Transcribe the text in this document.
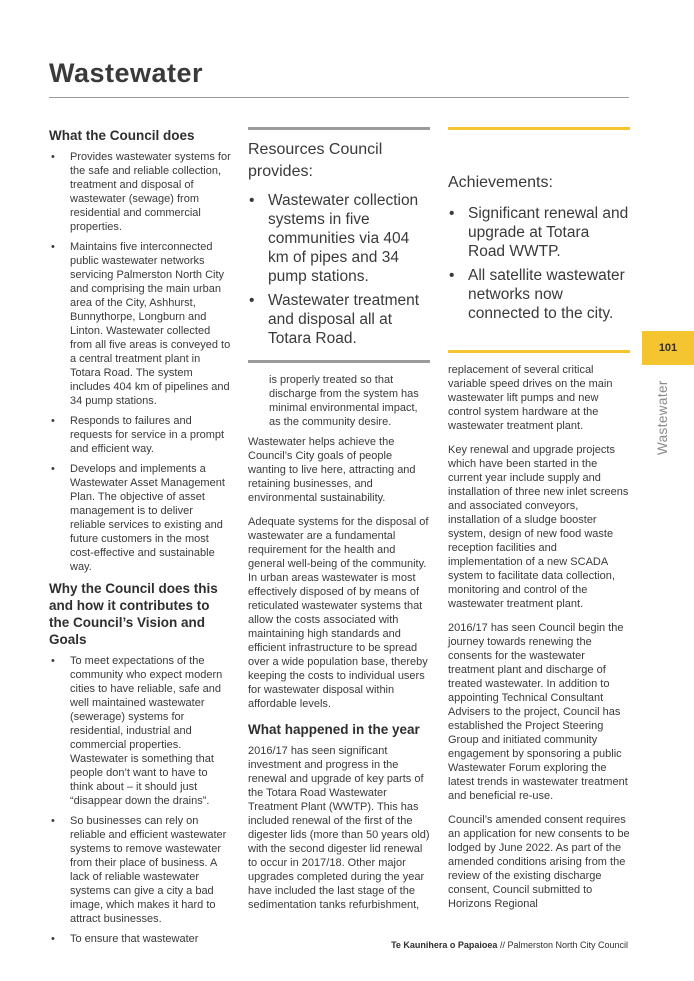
Wastewater
What the Council does
• Provides wastewater systems for the safe and reliable collection, treatment and disposal of wastewater (sewage) from residential and commercial properties.
• Maintains five interconnected public wastewater networks servicing Palmerston North City and comprising the main urban area of the City, Ashhurst, Bunnythorpe, Longburn and Linton. Wastewater collected from all five areas is conveyed to a central treatment plant in Totara Road. The system includes 404 km of pipelines and 34 pump stations.
• Responds to failures and requests for service in a prompt and efficient way.
• Develops and implements a Wastewater Asset Management Plan. The objective of asset management is to deliver reliable services to existing and future customers in the most cost-effective and sustainable way.
Why the Council does this and how it contributes to the Council’s Vision and Goals
• To meet expectations of the community who expect modern cities to have reliable, safe and well maintained wastewater (sewerage) systems for residential, industrial and commercial properties. Wastewater is something that people don’t want to have to think about – it should just “disappear down the drains”.
• So businesses can rely on reliable and efficient wastewater systems to remove wastewater from their place of business. A lack of reliable wastewater systems can give a city a bad image, which makes it hard to attract businesses.
• To ensure that wastewater

Resources Council provides:

• Wastewater collection systems in five communities via 404 km of pipes and 34 pump stations.
• Wastewater treatment and disposal all at Totara Road.
is properly treated so that discharge from the system has minimal environmental impact, as the community desire.

Wastewater helps achieve the Council’s City goals of people wanting to live here, attracting and retaining businesses, and environmental sustainability.

Adequate systems for the disposal of wastewater are a fundamental requirement for the health and general well-being of the community. In urban areas wastewater is most effectively disposed of by means of reticulated wastewater systems that allow the costs associated with maintaining high standards and efficient infrastructure to be spread over a wide population base, thereby keeping the costs to individual users for wastewater disposal within affordable levels.

What happened in the year

2016/17 has seen significant investment and progress in the renewal and upgrade of key parts of the Totara Road Wastewater Treatment Plant (WWTP). This has included renewal of the first of the digester lids (more than 50 years old) with the second digester lid renewal to occur in 2017/18. Other major upgrades completed during the year have included the last stage of the sedimentation tanks refurbishment,

Achievements:

• Significant renewal and upgrade at Totara Road WWTP.
• All satellite wastewater networks now connected to the city.

replacement of several critical variable speed drives on the main wastewater lift pumps and new control system hardware at the wastewater treatment plant.

Key renewal and upgrade projects which have been started in the current year include supply and installation of three new inlet screens and associated conveyors, installation of a sludge booster system, design of new food waste reception facilities and implementation of a new SCADA system to facilitate data collection, monitoring and control of the wastewater treatment plant.

2016/17 has seen Council begin the journey towards renewing the consents for the wastewater treatment plant and discharge of treated wastewater. In addition to appointing Technical Consultant Advisers to the project, Council has established the Project Steering Group and initiated community engagement by sponsoring a public Wastewater Forum exploring the latest trends in wastewater treatment and beneficial re-use.

Council’s amended consent requires an application for new consents to be lodged by June 2022. As part of the amended conditions arising from the review of the existing discharge consent, Council submitted to Horizons Regional

101
Wastewater
Te Kaunihera o Papaioea // Palmerston North City Council
